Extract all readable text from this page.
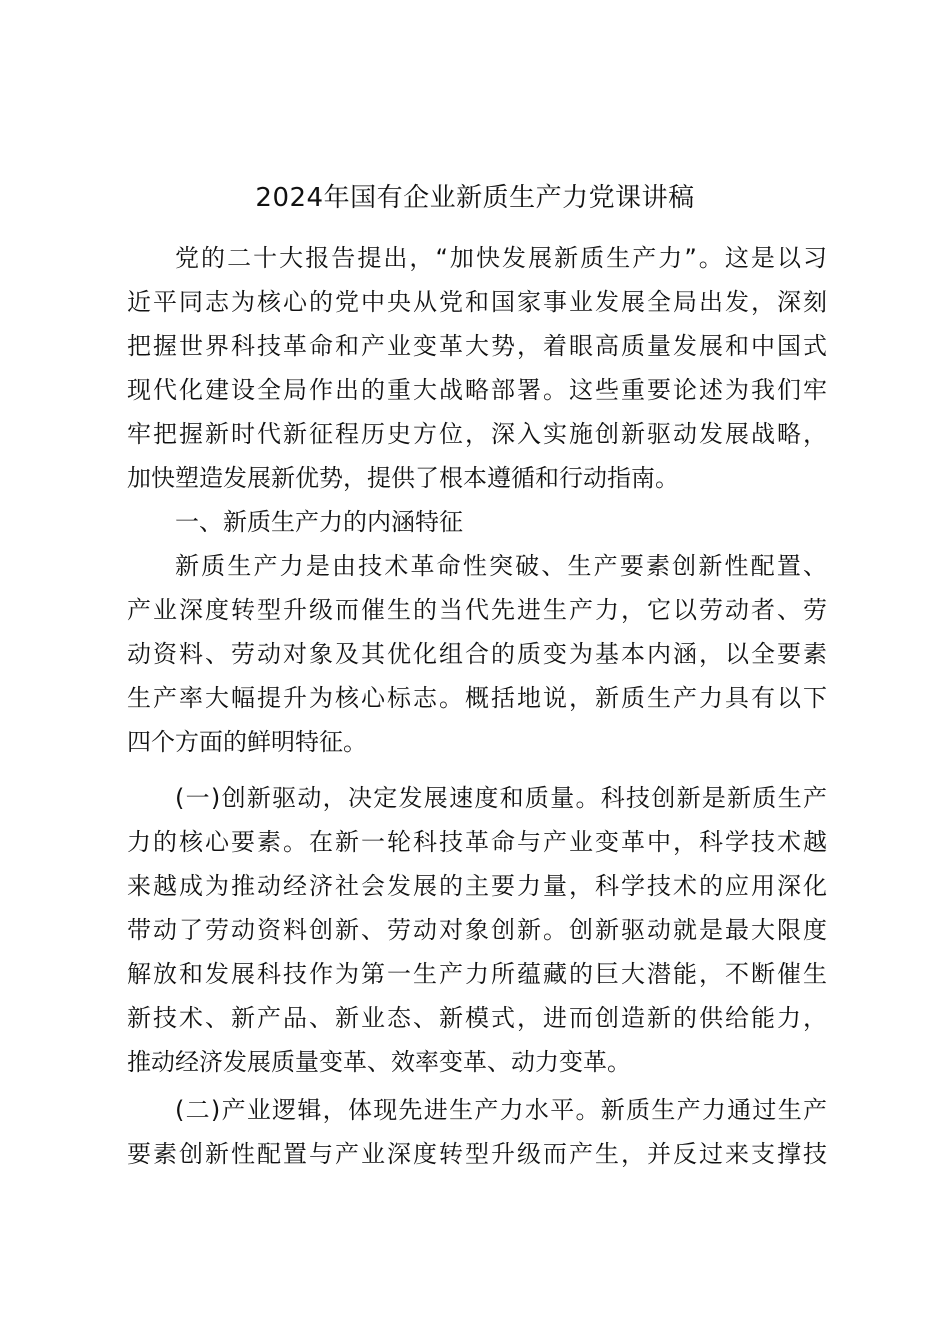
2024年国有企业新质生产力党课讲稿
党的二十大报告提出，“加快发展新质生产力”。这是以习
近平同志为核心的党中央从党和国家事业发展全局出发，深刻
把握世界科技革命和产业变革大势，着眼高质量发展和中国式
现代化建设全局作出的重大战略部署。这些重要论述为我们牢
牢把握新时代新征程历史方位，深入实施创新驱动发展战略，
加快塑造发展新优势，提供了根本遵循和行动指南。
一、新质生产力的内涵特征
新质生产力是由技术革命性突破、生产要素创新性配置、
产业深度转型升级而催生的当代先进生产力，它以劳动者、劳
动资料、劳动对象及其优化组合的质变为基本内涵，以全要素
生产率大幅提升为核心标志。概括地说，新质生产力具有以下
四个方面的鲜明特征。
(一)创新驱动，决定发展速度和质量。科技创新是新质生产
力的核心要素。在新一轮科技革命与产业变革中，科学技术越
来越成为推动经济社会发展的主要力量，科学技术的应用深化
带动了劳动资料创新、劳动对象创新。创新驱动就是最大限度
解放和发展科技作为第一生产力所蕴藏的巨大潜能，不断催生
新技术、新产品、新业态、新模式，进而创造新的供给能力，
推动经济发展质量变革、效率变革、动力变革。
(二)产业逻辑，体现先进生产力水平。新质生产力通过生产
要素创新性配置与产业深度转型升级而产生，并反过来支撑技
